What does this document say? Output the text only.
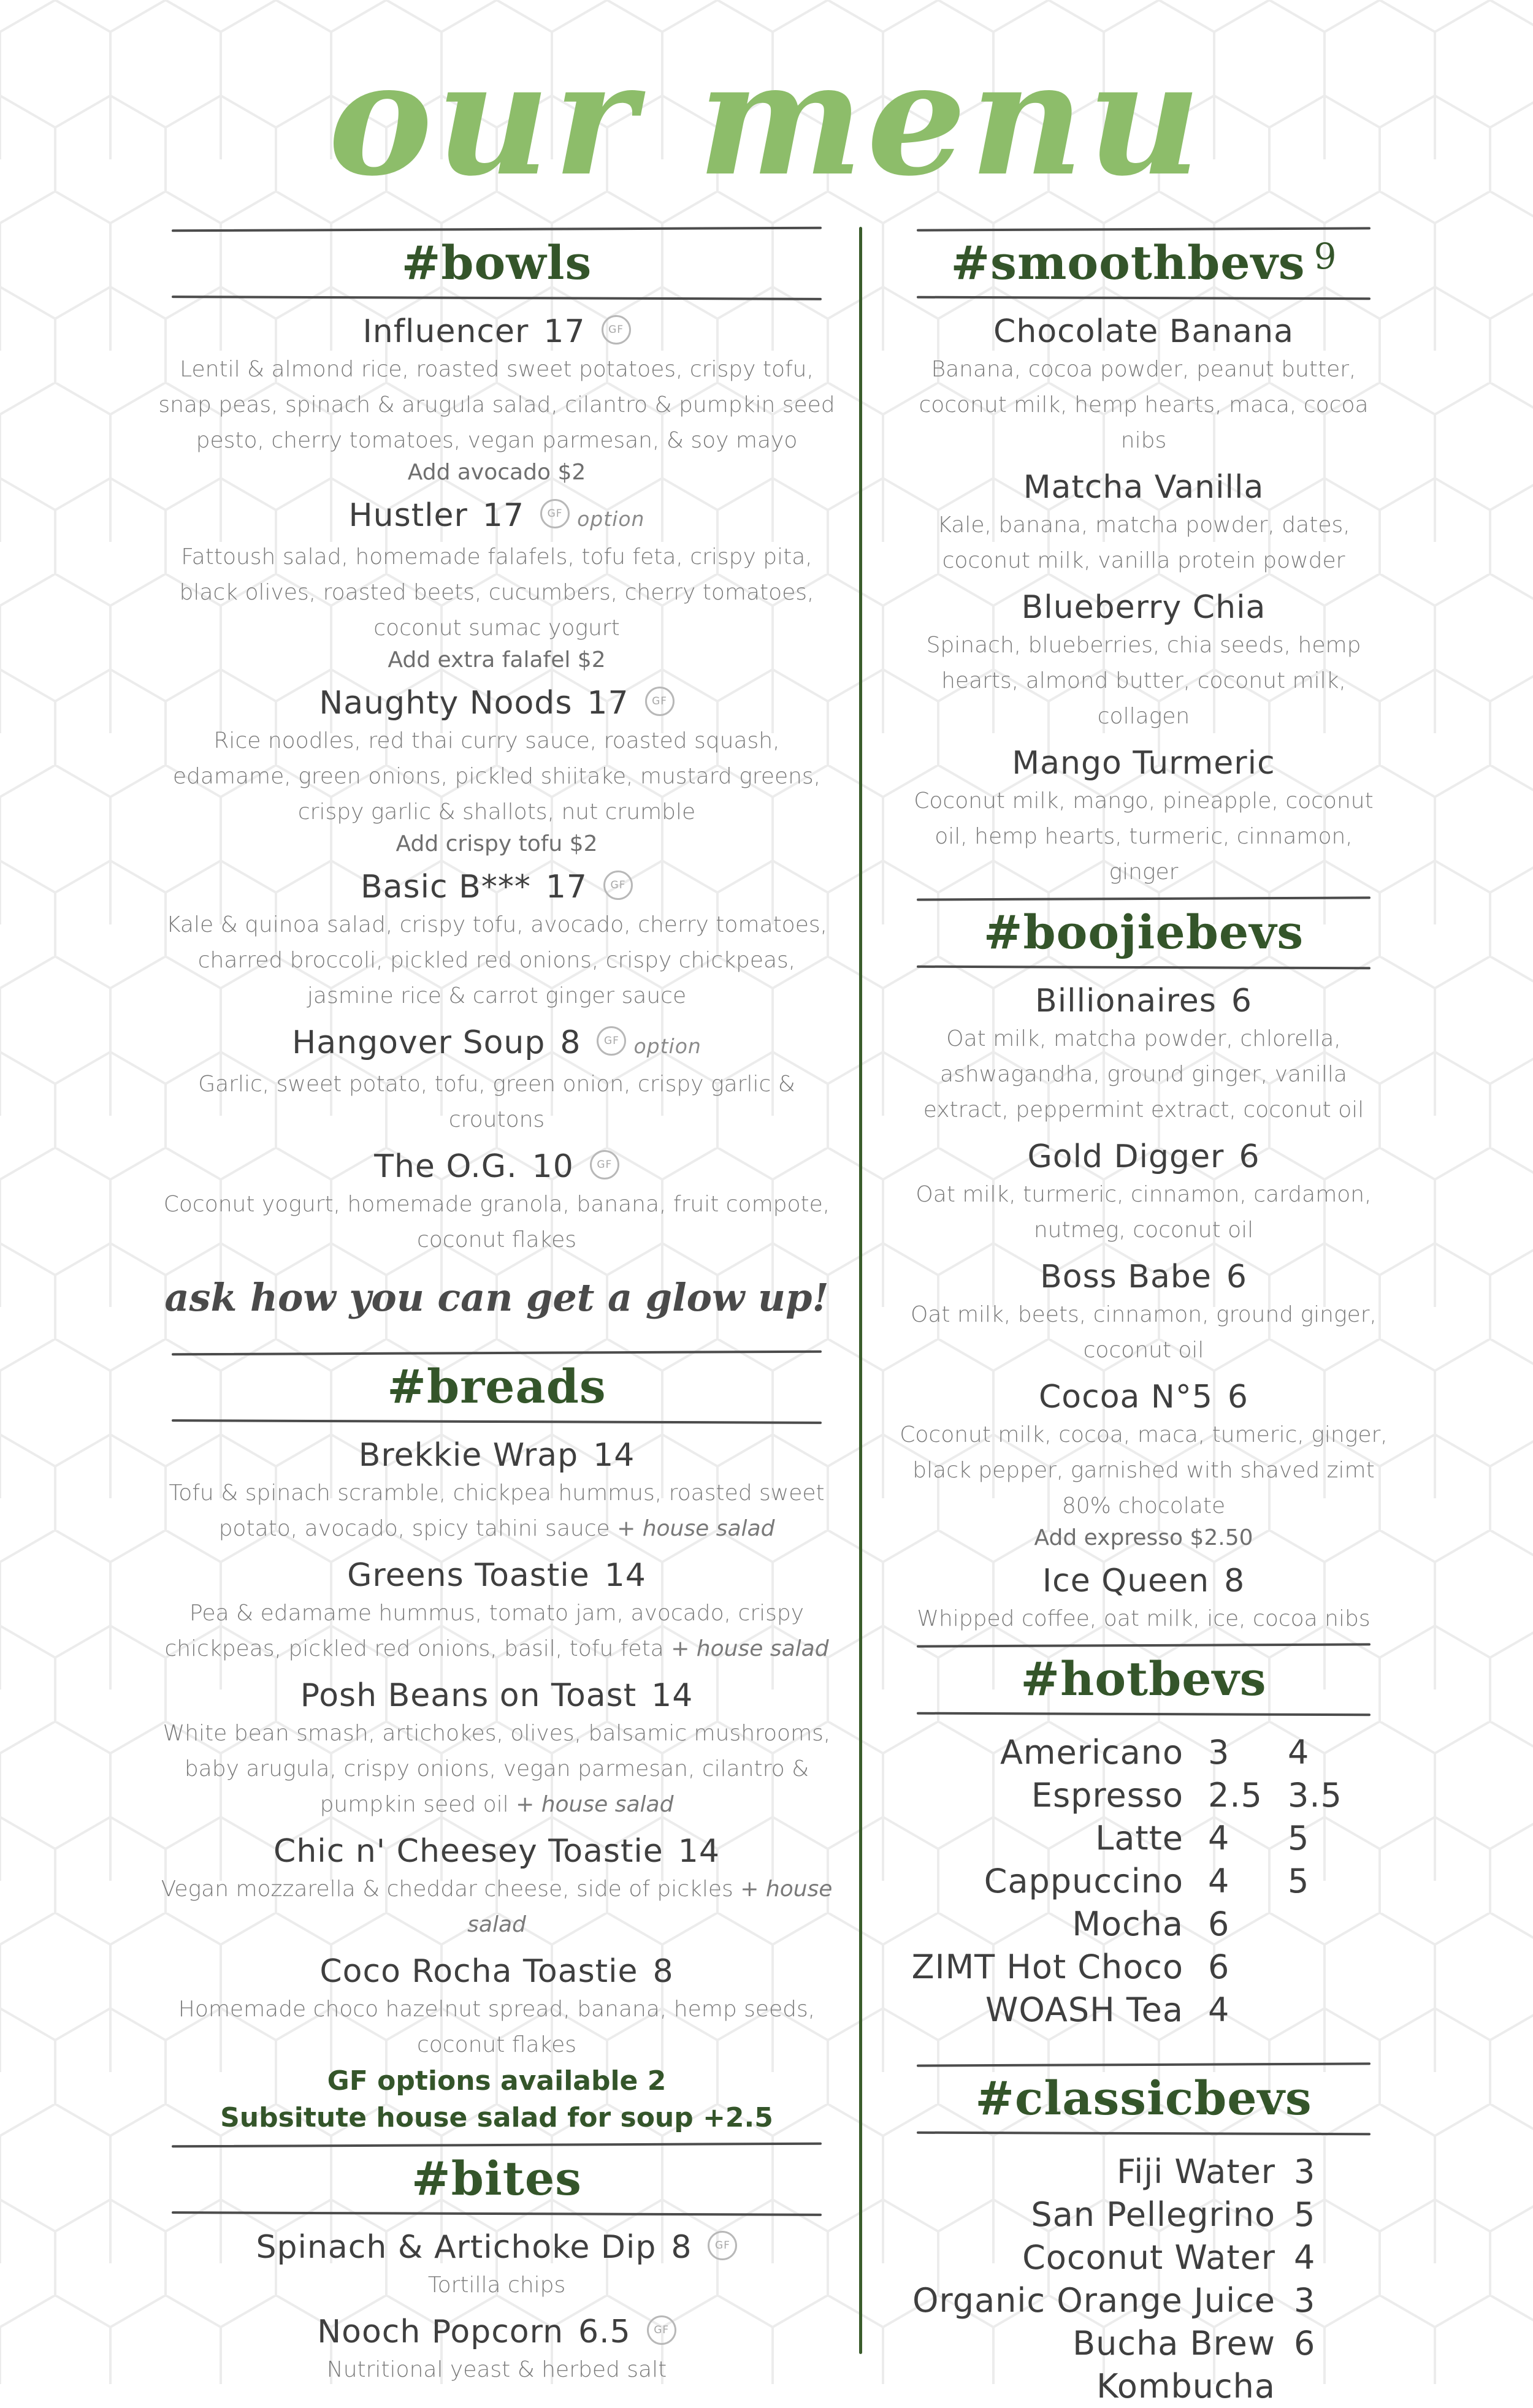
our menu
#bowls
Influencer 17 GF
Lentil & almond rice, roasted sweet potatoes, crispy tofu, snap peas, spinach & arugula salad, cilantro & pumpkin seed pesto, cherry tomatoes, vegan parmesan, & soy mayo
Add avocado $2
Hustler 17 GF option
Fattoush salad, homemade falafels, tofu feta, crispy pita, black olives, roasted beets, cucumbers, cherry tomatoes, coconut sumac yogurt
Add extra falafel $2
Naughty Noods 17 GF
Rice noodles, red thai curry sauce, roasted squash, edamame, green onions, pickled shiitake, mustard greens, crispy garlic & shallots, nut crumble
Add crispy tofu $2
Basic B*** 17 GF
Kale & quinoa salad, crispy tofu, avocado, cherry tomatoes, charred broccoli, pickled red onions, crispy chickpeas, jasmine rice & carrot ginger sauce
Hangover Soup 8 GF option
Garlic, sweet potato, tofu, green onion, crispy garlic & croutons
The O.G. 10 GF
Coconut yogurt, homemade granola, banana, fruit compote, coconut flakes
ask how you can get a glow up!
#breads
Brekkie Wrap 14
Tofu & spinach scramble, chickpea hummus, roasted sweet potato, avocado, spicy tahini sauce + house salad
Greens Toastie 14
Pea & edamame hummus, tomato jam, avocado, crispy chickpeas, pickled red onions, basil, tofu feta + house salad
Posh Beans on Toast 14
White bean smash, artichokes, olives, balsamic mushrooms, baby arugula, crispy onions, vegan parmesan, cilantro & pumpkin seed oil + house salad
Chic n' Cheesey Toastie 14
Vegan mozzarella & cheddar cheese, side of pickles + house salad
Coco Rocha Toastie 8
Homemade choco hazelnut spread, banana, hemp seeds, coconut flakes
GF options available 2
Subsitute house salad for soup +2.5
#bites
Spinach & Artichoke Dip 8 GF
Tortilla chips
Nooch Popcorn 6.5 GF
Nutritional yeast & herbed salt
#smoothbevs 9
Chocolate Banana
Banana, cocoa powder, peanut butter, coconut milk, hemp hearts, maca, cocoa nibs
Matcha Vanilla
Kale, banana, matcha powder, dates, coconut milk, vanilla protein powder
Blueberry Chia
Spinach, blueberries, chia seeds, hemp hearts, almond butter, coconut milk, collagen
Mango Turmeric
Coconut milk, mango, pineapple, coconut oil, hemp hearts, turmeric, cinnamon, ginger
#boojiebevs
Billionaires 6
Oat milk, matcha powder, chlorella, ashwagandha, ground ginger, vanilla extract, peppermint extract, coconut oil
Gold Digger 6
Oat milk, turmeric, cinnamon, cardamon, nutmeg, coconut oil
Boss Babe 6
Oat milk, beets, cinnamon, ground ginger, coconut oil
Cocoa N°5 6
Coconut milk, cocoa, maca, tumeric, ginger, black pepper, garnished with shaved zimt 80% chocolate
Add expresso $2.50
Ice Queen 8
Whipped coffee, oat milk, ice, cocoa nibs
#hotbevs
Americano 3	4
Espresso 2.5 3.5
Latte 4	5
Cappuccino 4	5
Mocha 6
ZIMT Hot Choco 6
WOASH Tea 4
#classicbevs
Fiji Water 3
San Pellegrino 5
Coconut Water 4
Organic Orange Juice 3
Bucha Brew Kombucha
6
